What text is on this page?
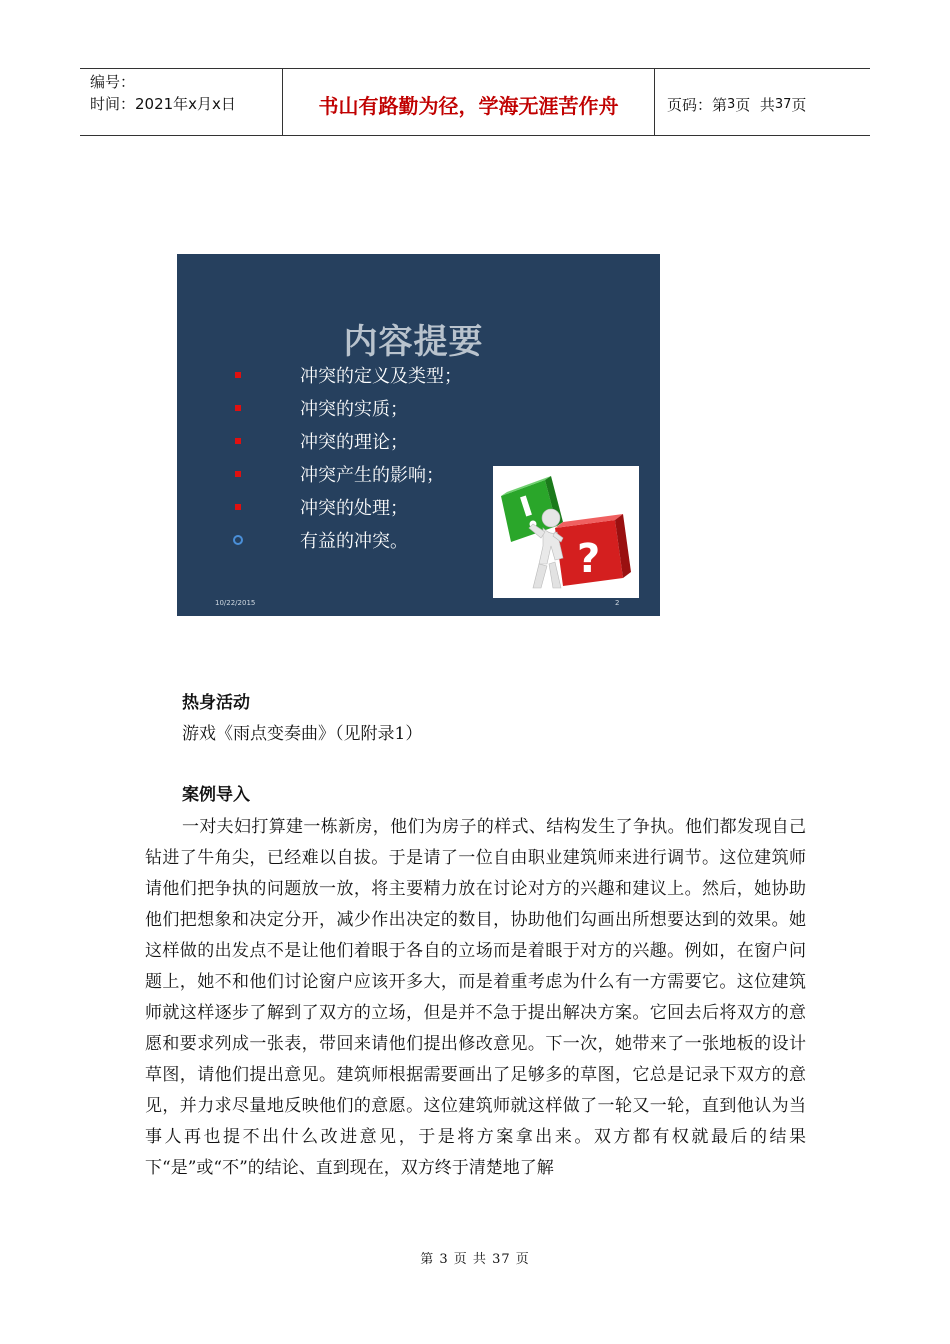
编号：
时间：2021年x月x日	书山有路勤为径，学海无涯苦作舟	页码：第 3 页  共 37 页
内容提要
冲突的定义及类型；
冲突的实质；
冲突的理论；
冲突产生的影响；
冲突的处理；
有益的冲突。	?
10/22/2015	2
热身活动
游戏《雨点变奏曲》（见附录1）
案例导入

一对夫妇打算建一栋新房，他们为房子的样式、结构发生了争执。他们都发现自己钻进了牛角尖，已经难以自拔。于是请了一位自由职业建筑师来进行调节。这位建筑师请他们把争执的问题放一放，将主要精力放在讨论对方的兴趣和建议上。然后，她协助他们把想象和决定分开，减少作出决定的数目，协助他们勾画出所想要达到的效果。她这样做的出发点不是让他们着眼于各自的立场而是着眼于对方的兴趣。例如，在窗户问题上，她不和他们讨论窗户应该开多大，而是着重考虑为什么有一方需要它。这位建筑师就这样逐步了解到了双方的立场，但是并不急于提出解决方案。它回去后将双方的意愿和要求列成一张表，带回来请他们提出修改意见。下一次，她带来了一张地板的设计草图，请他们提出意见。建筑师根据需要画出了足够多的草图，它总是记录下双方的意见，并力求尽量地反映他们的意愿。这位建筑师就这样做了一轮又一轮，直到他认为当事人再也提不出什么改进意见，于是将方案拿出来。双方都有权就最后的结果下“是”或“不”的结论、直到现在，双方终于清楚地了解

第 3 页 共 37 页
